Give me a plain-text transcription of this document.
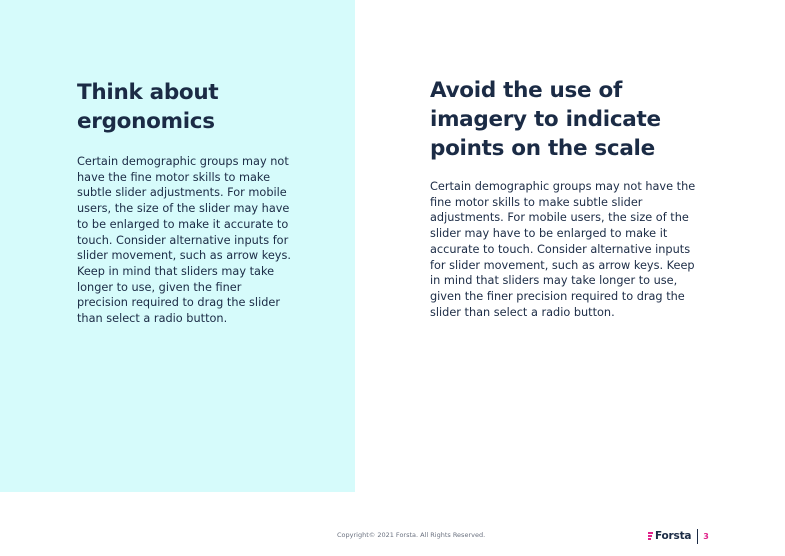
Think about ergonomics

Certain demographic groups may not have the fine motor skills to make subtle slider adjustments. For mobile users, the size of the slider may have to be enlarged to make it accurate to touch. Consider alternative inputs for slider movement, such as arrow keys. Keep in mind that sliders may take longer to use, given the finer precision required to drag the slider than select a radio button.

Avoid the use of imagery to indicate points on the scale

Certain demographic groups may not have the fine motor skills to make subtle slider adjustments. For mobile users, the size of the slider may have to be enlarged to make it accurate to touch. Consider alternative inputs for slider movement, such as arrow keys. Keep in mind that sliders may take longer to use, given the finer precision required to drag the slider than select a radio button.

Copyright© 2021 Forsta. All Rights Reserved.	Forsta 3
